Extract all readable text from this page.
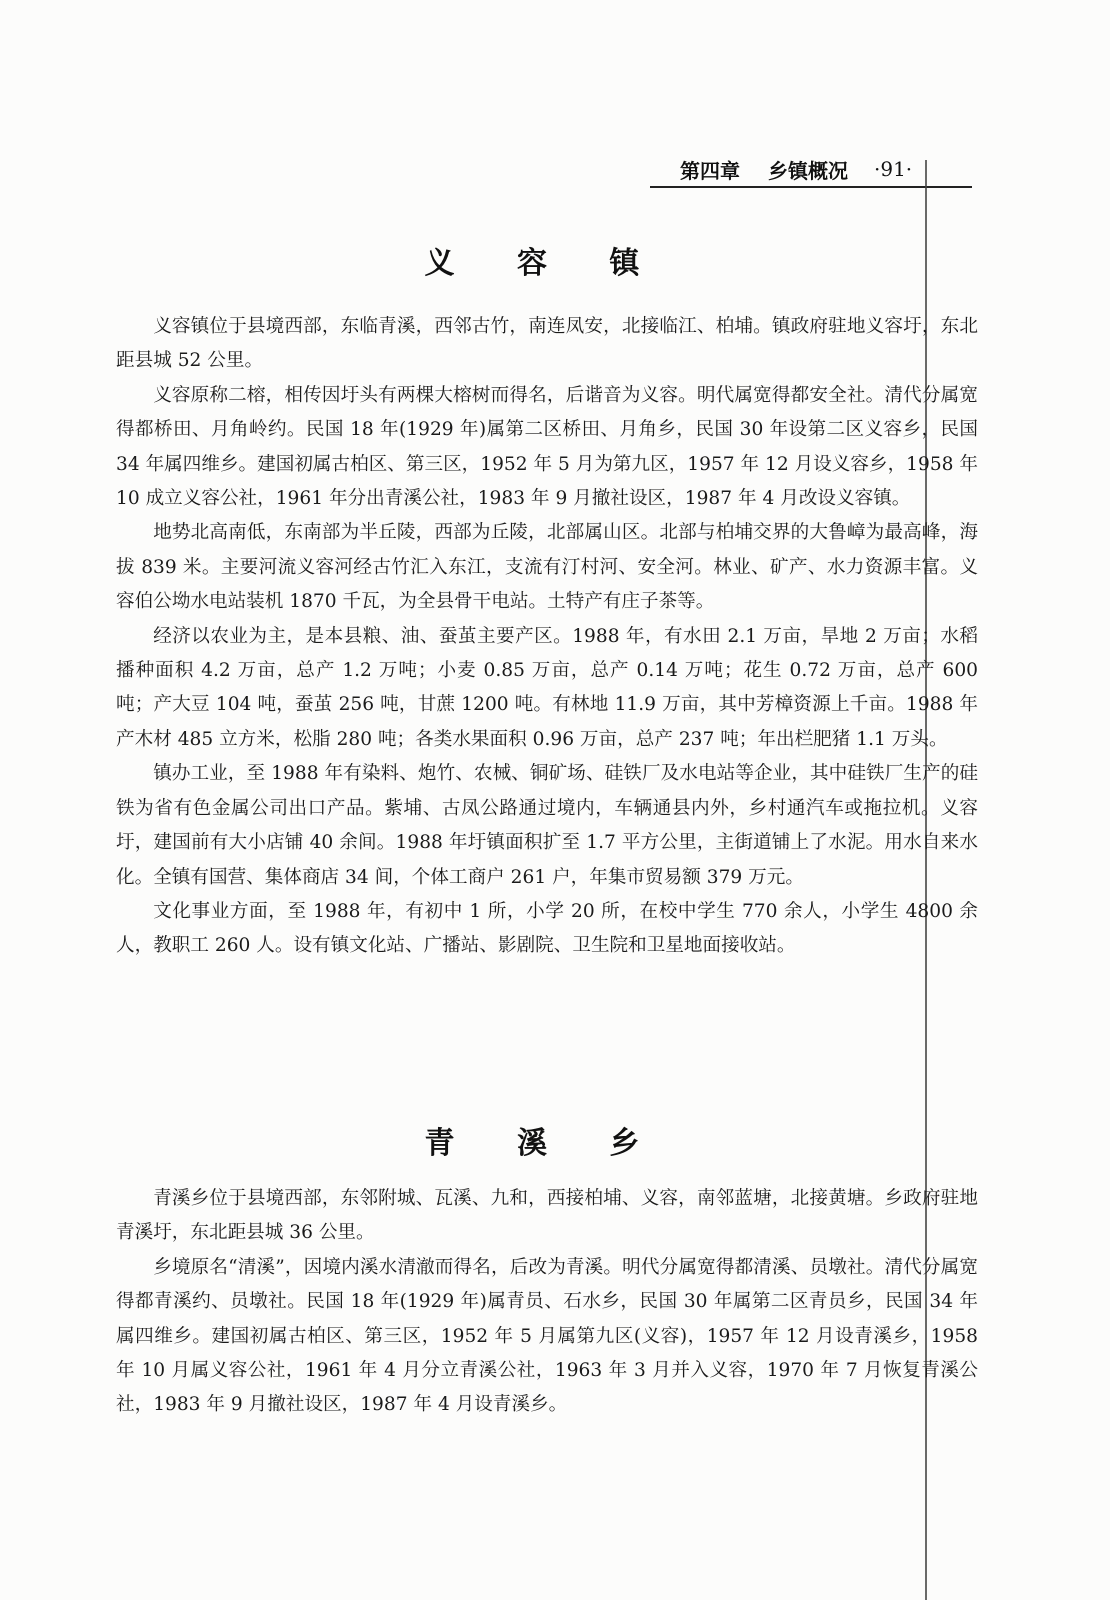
第四章 乡镇概况 ·91·
义 容 镇

义容镇位于县境西部，东临青溪，西邻古竹，南连凤安，北接临江、柏埔。镇政府驻地义容圩，东北距县城 52 公里。

义容原称二榕，相传因圩头有两棵大榕树而得名，后谐音为义容。明代属宽得都安全社。清代分属宽得都桥田、月角岭约。民国 18 年(1929 年)属第二区桥田、月角乡，民国 30 年设第二区义容乡，民国 34 年属四维乡。建国初属古柏区、第三区，1952 年 5 月为第九区，1957 年 12 月设义容乡，1958 年 10 成立义容公社，1961 年分出青溪公社，1983 年 9 月撤社设区，1987 年 4 月改设义容镇。

地势北高南低，东南部为半丘陵，西部为丘陵，北部属山区。北部与柏埔交界的大鲁嶂为最高峰，海拔 839 米。主要河流义容河经古竹汇入东江，支流有汀村河、安全河。林业、矿产、水力资源丰富。义容伯公坳水电站装机 1870 千瓦，为全县骨干电站。土特产有庄子茶等。

经济以农业为主，是本县粮、油、蚕茧主要产区。1988 年，有水田 2.1 万亩，旱地 2 万亩；水稻播种面积 4.2 万亩，总产 1.2 万吨；小麦 0.85 万亩，总产 0.14 万吨；花生 0.72 万亩，总产 600 吨；产大豆 104 吨，蚕茧 256 吨，甘蔗 1200 吨。有林地 11.9 万亩，其中芳樟资源上千亩。1988 年产木材 485 立方米，松脂 280 吨；各类水果面积 0.96 万亩，总产 237 吨；年出栏肥猪 1.1 万头。

镇办工业，至 1988 年有染料、炮竹、农械、铜矿场、硅铁厂及水电站等企业，其中硅铁厂生产的硅铁为省有色金属公司出口产品。紫埔、古凤公路通过境内，车辆通县内外，乡村通汽车或拖拉机。义容圩，建国前有大小店铺 40 余间。1988 年圩镇面积扩至 1.7 平方公里，主街道铺上了水泥。用水自来水化。全镇有国营、集体商店 34 间，个体工商户 261 户，年集市贸易额 379 万元。

文化事业方面，至 1988 年，有初中 1 所，小学 20 所，在校中学生 770 余人，小学生 4800 余人，教职工 260 人。设有镇文化站、广播站、影剧院、卫生院和卫星地面接收站。

青 溪 乡

青溪乡位于县境西部，东邻附城、瓦溪、九和，西接柏埔、义容，南邻蓝塘，北接黄塘。乡政府驻地青溪圩，东北距县城 36 公里。

乡境原名“清溪”，因境内溪水清澈而得名，后改为青溪。明代分属宽得都清溪、员墩社。清代分属宽得都青溪约、员墩社。民国 18 年(1929 年)属青员、石水乡，民国 30 年属第二区青员乡，民国 34 年属四维乡。建国初属古柏区、第三区，1952 年 5 月属第九区(义容)，1957 年 12 月设青溪乡，1958 年 10 月属义容公社，1961 年 4 月分立青溪公社，1963 年 3 月并入义容，1970 年 7 月恢复青溪公社，1983 年 9 月撤社设区，1987 年 4 月设青溪乡。
